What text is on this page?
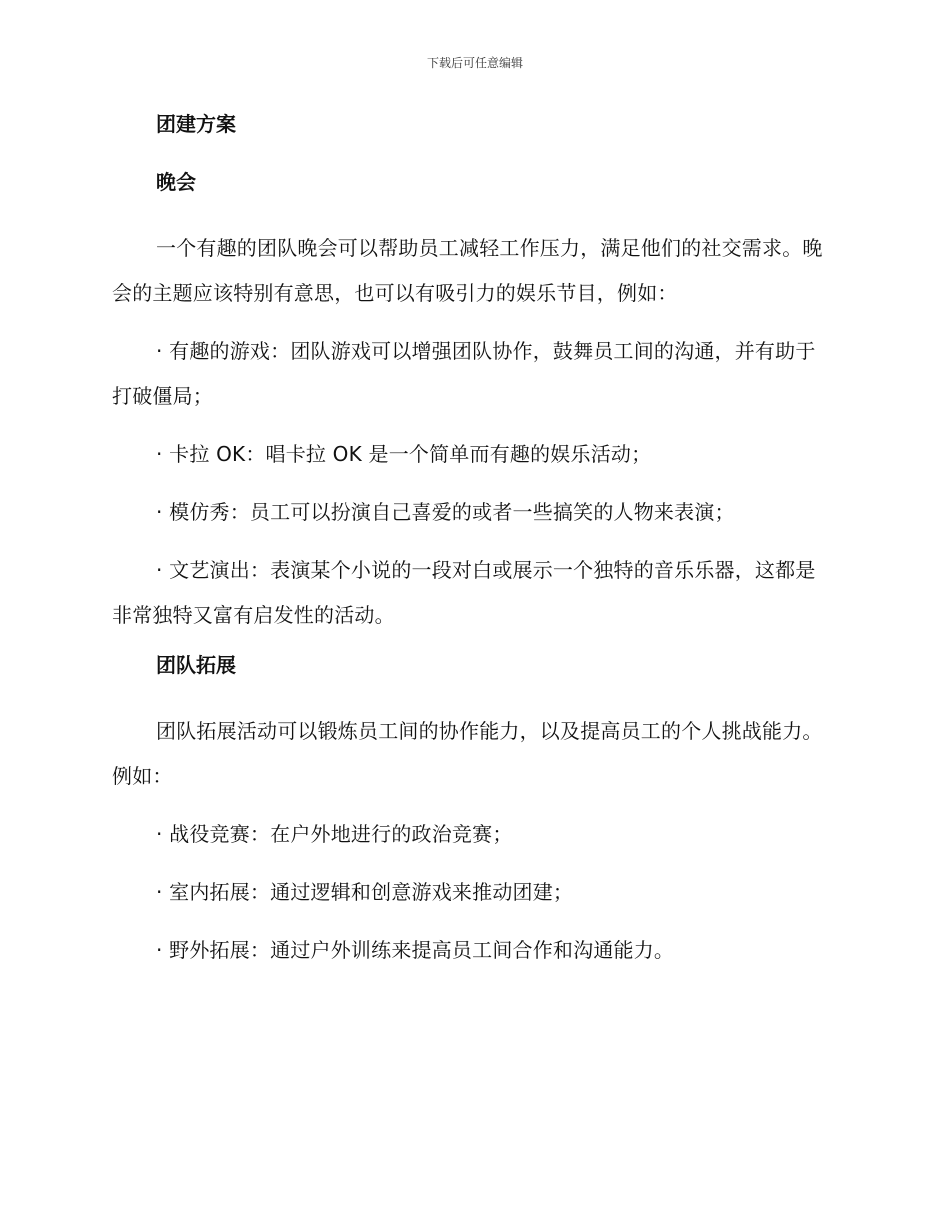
下载后可任意编辑
团建方案
晚会

一个有趣的团队晚会可以帮助员工减轻工作压力，满足他们的社交需求。晚会的主题应该特别有意思，也可以有吸引力的娱乐节目，例如：

· 有趣的游戏：团队游戏可以增强团队协作，鼓舞员工间的沟通，并有助于打破僵局；

· 卡拉 OK：唱卡拉 OK 是一个简单而有趣的娱乐活动；

· 模仿秀：员工可以扮演自己喜爱的或者一些搞笑的人物来表演；

· 文艺演出：表演某个小说的一段对白或展示一个独特的音乐乐器，这都是非常独特又富有启发性的活动。

团队拓展

团队拓展活动可以锻炼员工间的协作能力，以及提高员工的个人挑战能力。例如：

· 战役竞赛：在户外地进行的政治竞赛；

· 室内拓展：通过逻辑和创意游戏来推动团建；

· 野外拓展：通过户外训练来提高员工间合作和沟通能力。
